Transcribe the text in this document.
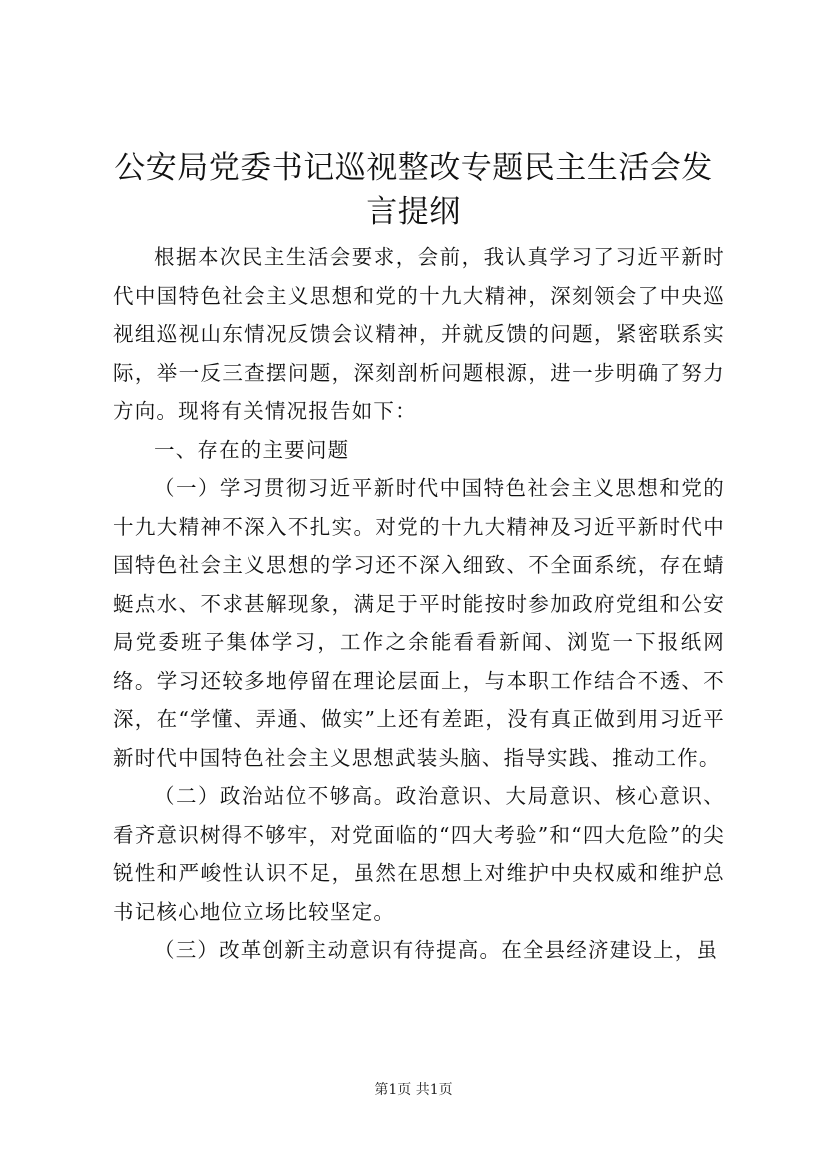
公安局党委书记巡视整改专题民主生活会发言提纲

根据本次民主生活会要求，会前，我认真学习了习近平新时代中国特色社会主义思想和党的十九大精神，深刻领会了中央巡视组巡视山东情况反馈会议精神，并就反馈的问题，紧密联系实际，举一反三查摆问题，深刻剖析问题根源，进一步明确了努力方向。现将有关情况报告如下：

一、存在的主要问题

（一）学习贯彻习近平新时代中国特色社会主义思想和党的十九大精神不深入不扎实。对党的十九大精神及习近平新时代中国特色社会主义思想的学习还不深入细致、不全面系统，存在蜻蜓点水、不求甚解现象，满足于平时能按时参加政府党组和公安局党委班子集体学习，工作之余能看看新闻、浏览一下报纸网络。学习还较多地停留在理论层面上，与本职工作结合不透、不深，在“学懂、弄通、做实”上还有差距，没有真正做到用习近平新时代中国特色社会主义思想武装头脑、指导实践、推动工作。

（二）政治站位不够高。政治意识、大局意识、核心意识、看齐意识树得不够牢，对党面临的“四大考验”和“四大危险”的尖锐性和严峻性认识不足，虽然在思想上对维护中央权威和维护总书记核心地位立场比较坚定。

（三）改革创新主动意识有待提高。在全县经济建设上，虽

第1页 共1页
